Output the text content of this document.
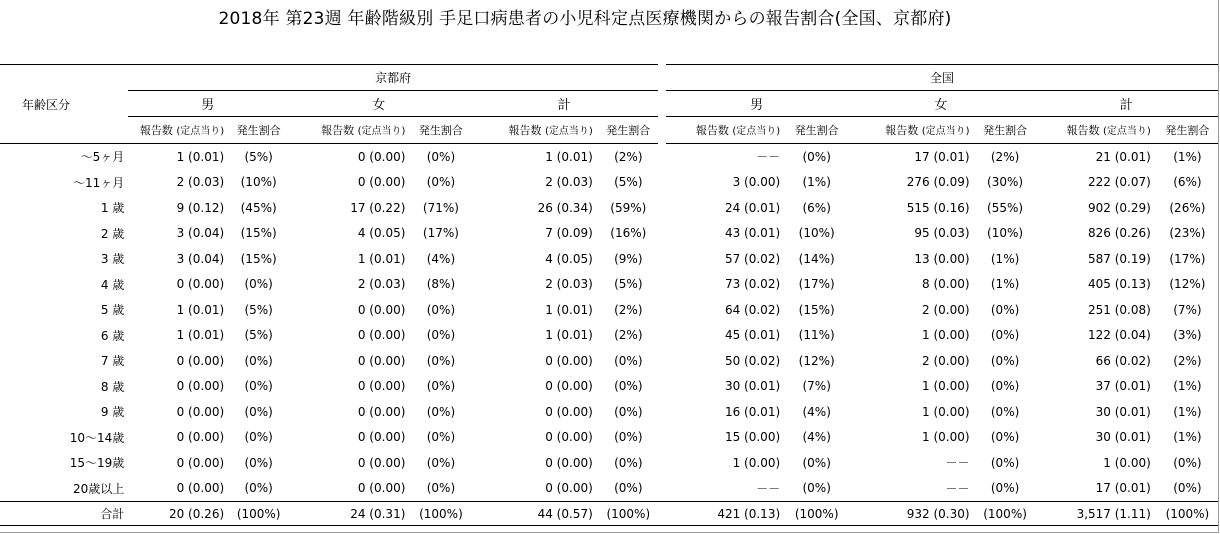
2018年 第23週 年齢階級別 手足口病患者の小児科定点医療機関からの報告割合(全国、京都府)
年齢区分	京都府							全国					
	男		女		計			男		女		計	
	報告数 (定点当り)	発生割合	報告数 (定点当り)	発生割合	報告数 (定点当り)	発生割合		報告数 (定点当り)	発生割合	報告数 (定点当り)	発生割合	報告数 (定点当り)	発生割合
～5ヶ月	1 (0.01)	(5%)	0 (0.00)	(0%)	1 (0.01)	(2%)		－－	(0%)	17 (0.01)	(2%)	21 (0.01)	(1%)
～11ヶ月	2 (0.03)	(10%)	0 (0.00)	(0%)	2 (0.03)	(5%)		3 (0.00)	(1%)	276 (0.09)	(30%)	222 (0.07)	(6%)
1 歳	9 (0.12)	(45%)	17 (0.22)	(71%)	26 (0.34)	(59%)		24 (0.01)	(6%)	515 (0.16)	(55%)	902 (0.29)	(26%)
2 歳	3 (0.04)	(15%)	4 (0.05)	(17%)	7 (0.09)	(16%)		43 (0.01)	(10%)	95 (0.03)	(10%)	826 (0.26)	(23%)
3 歳	3 (0.04)	(15%)	1 (0.01)	(4%)	4 (0.05)	(9%)		57 (0.02)	(14%)	13 (0.00)	(1%)	587 (0.19)	(17%)
4 歳	0 (0.00)	(0%)	2 (0.03)	(8%)	2 (0.03)	(5%)		73 (0.02)	(17%)	8 (0.00)	(1%)	405 (0.13)	(12%)
5 歳	1 (0.01)	(5%)	0 (0.00)	(0%)	1 (0.01)	(2%)		64 (0.02)	(15%)	2 (0.00)	(0%)	251 (0.08)	(7%)
6 歳	1 (0.01)	(5%)	0 (0.00)	(0%)	1 (0.01)	(2%)		45 (0.01)	(11%)	1 (0.00)	(0%)	122 (0.04)	(3%)
7 歳	0 (0.00)	(0%)	0 (0.00)	(0%)	0 (0.00)	(0%)		50 (0.02)	(12%)	2 (0.00)	(0%)	66 (0.02)	(2%)
8 歳	0 (0.00)	(0%)	0 (0.00)	(0%)	0 (0.00)	(0%)		30 (0.01)	(7%)	1 (0.00)	(0%)	37 (0.01)	(1%)
9 歳	0 (0.00)	(0%)	0 (0.00)	(0%)	0 (0.00)	(0%)		16 (0.01)	(4%)	1 (0.00)	(0%)	30 (0.01)	(1%)
10～14歳	0 (0.00)	(0%)	0 (0.00)	(0%)	0 (0.00)	(0%)		15 (0.00)	(4%)	1 (0.00)	(0%)	30 (0.01)	(1%)
15～19歳	0 (0.00)	(0%)	0 (0.00)	(0%)	0 (0.00)	(0%)		1 (0.00)	(0%)	－－	(0%)	1 (0.00)	(0%)
20歳以上	0 (0.00)	(0%)	0 (0.00)	(0%)	0 (0.00)	(0%)		－－	(0%)	－－	(0%)	17 (0.01)	(0%)
合計	20 (0.26)	(100%)	24 (0.31)	(100%)	44 (0.57)	(100%)		421 (0.13)	(100%)	932 (0.30)	(100%)	3,517 (1.11)	(100%)
